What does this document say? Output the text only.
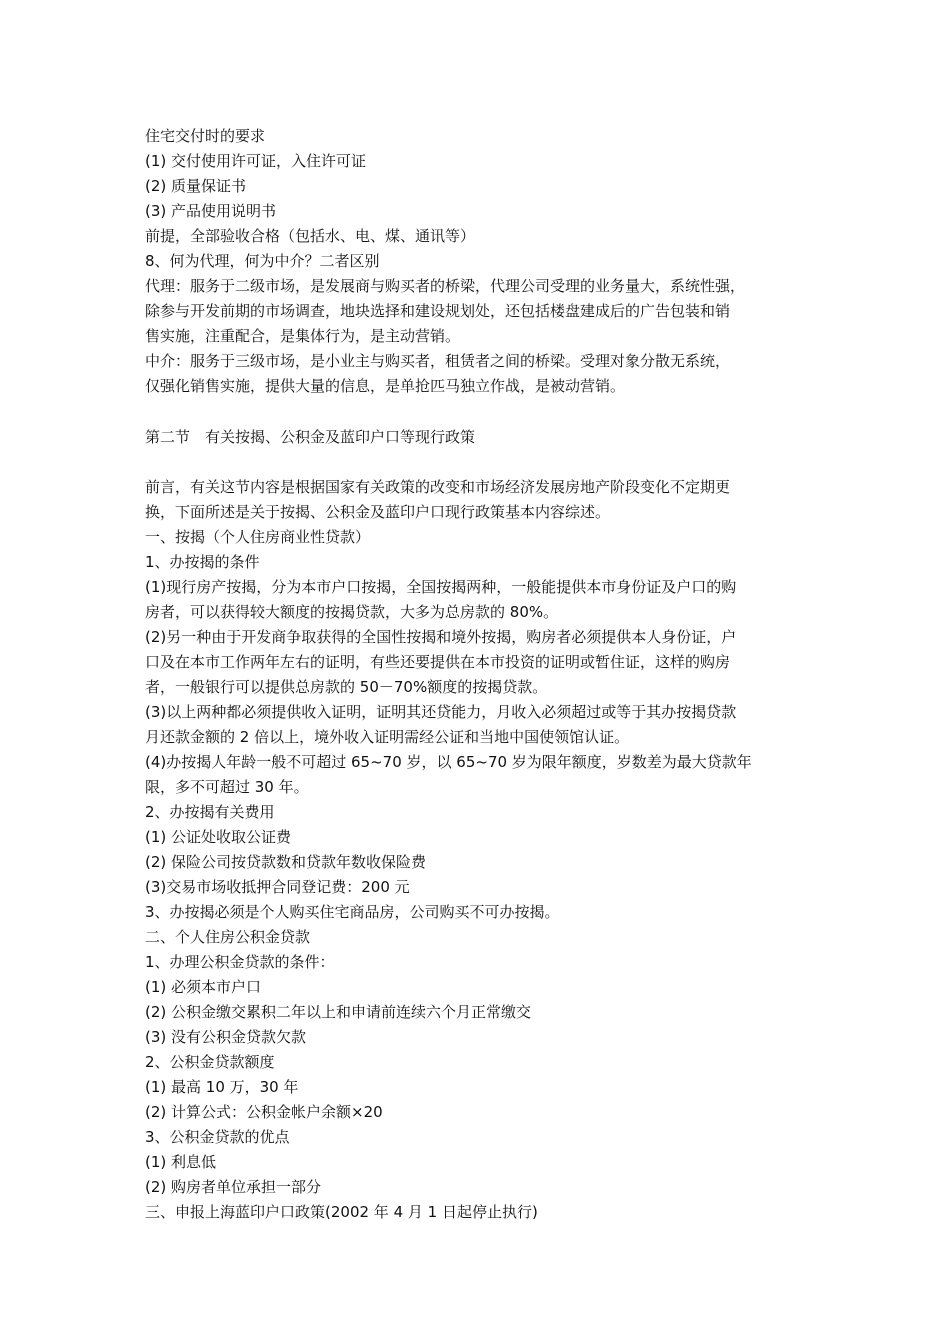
住宅交付时的要求
(1) 交付使用许可证，入住许可证
(2) 质量保证书
(3) 产品使用说明书
前提，全部验收合格（包括水、电、煤、通讯等）
8、何为代理，何为中介？二者区别
代理：服务于二级市场，是发展商与购买者的桥梁，代理公司受理的业务量大，系统性强，
除参与开发前期的市场调查，地块选择和建设规划处，还包括楼盘建成后的广告包装和销
售实施，注重配合，是集体行为，是主动营销。
中介：服务于三级市场，是小业主与购买者，租赁者之间的桥梁。受理对象分散无系统，
仅强化销售实施，提供大量的信息，是单抢匹马独立作战，是被动营销。
第二节　有关按揭、公积金及蓝印户口等现行政策
前言，有关这节内容是根据国家有关政策的改变和市场经济发展房地产阶段变化不定期更
换，下面所述是关于按揭、公积金及蓝印户口现行政策基本内容综述。
一、按揭（个人住房商业性贷款）
1、办按揭的条件
(1)现行房产按揭，分为本市户口按揭，全国按揭两种，一般能提供本市身份证及户口的购
房者，可以获得较大额度的按揭贷款，大多为总房款的 80%。
(2)另一种由于开发商争取获得的全国性按揭和境外按揭，购房者必须提供本人身份证，户
口及在本市工作两年左右的证明，有些还要提供在本市投资的证明或暂住证，这样的购房
者，一般银行可以提供总房款的 50－70%额度的按揭贷款。
(3)以上两种都必须提供收入证明，证明其还贷能力，月收入必须超过或等于其办按揭贷款
月还款金额的 2 倍以上，境外收入证明需经公证和当地中国使领馆认证。
(4)办按揭人年龄一般不可超过 65~70 岁，以 65~70 岁为限年额度，岁数差为最大贷款年
限，多不可超过 30 年。
2、办按揭有关费用
(1) 公证处收取公证费
(2) 保险公司按贷款数和贷款年数收保险费
(3)交易市场收抵押合同登记费：200 元
3、办按揭必须是个人购买住宅商品房，公司购买不可办按揭。
二、个人住房公积金贷款
1、办理公积金贷款的条件：
(1) 必须本市户口
(2) 公积金缴交累积二年以上和申请前连续六个月正常缴交
(3) 没有公积金贷款欠款
2、公积金贷款额度
(1) 最高 10 万，30 年
(2) 计算公式：公积金帐户余额×20
3、公积金贷款的优点
(1) 利息低
(2) 购房者单位承担一部分
三、申报上海蓝印户口政策(2002 年 4 月 1 日起停止执行)
